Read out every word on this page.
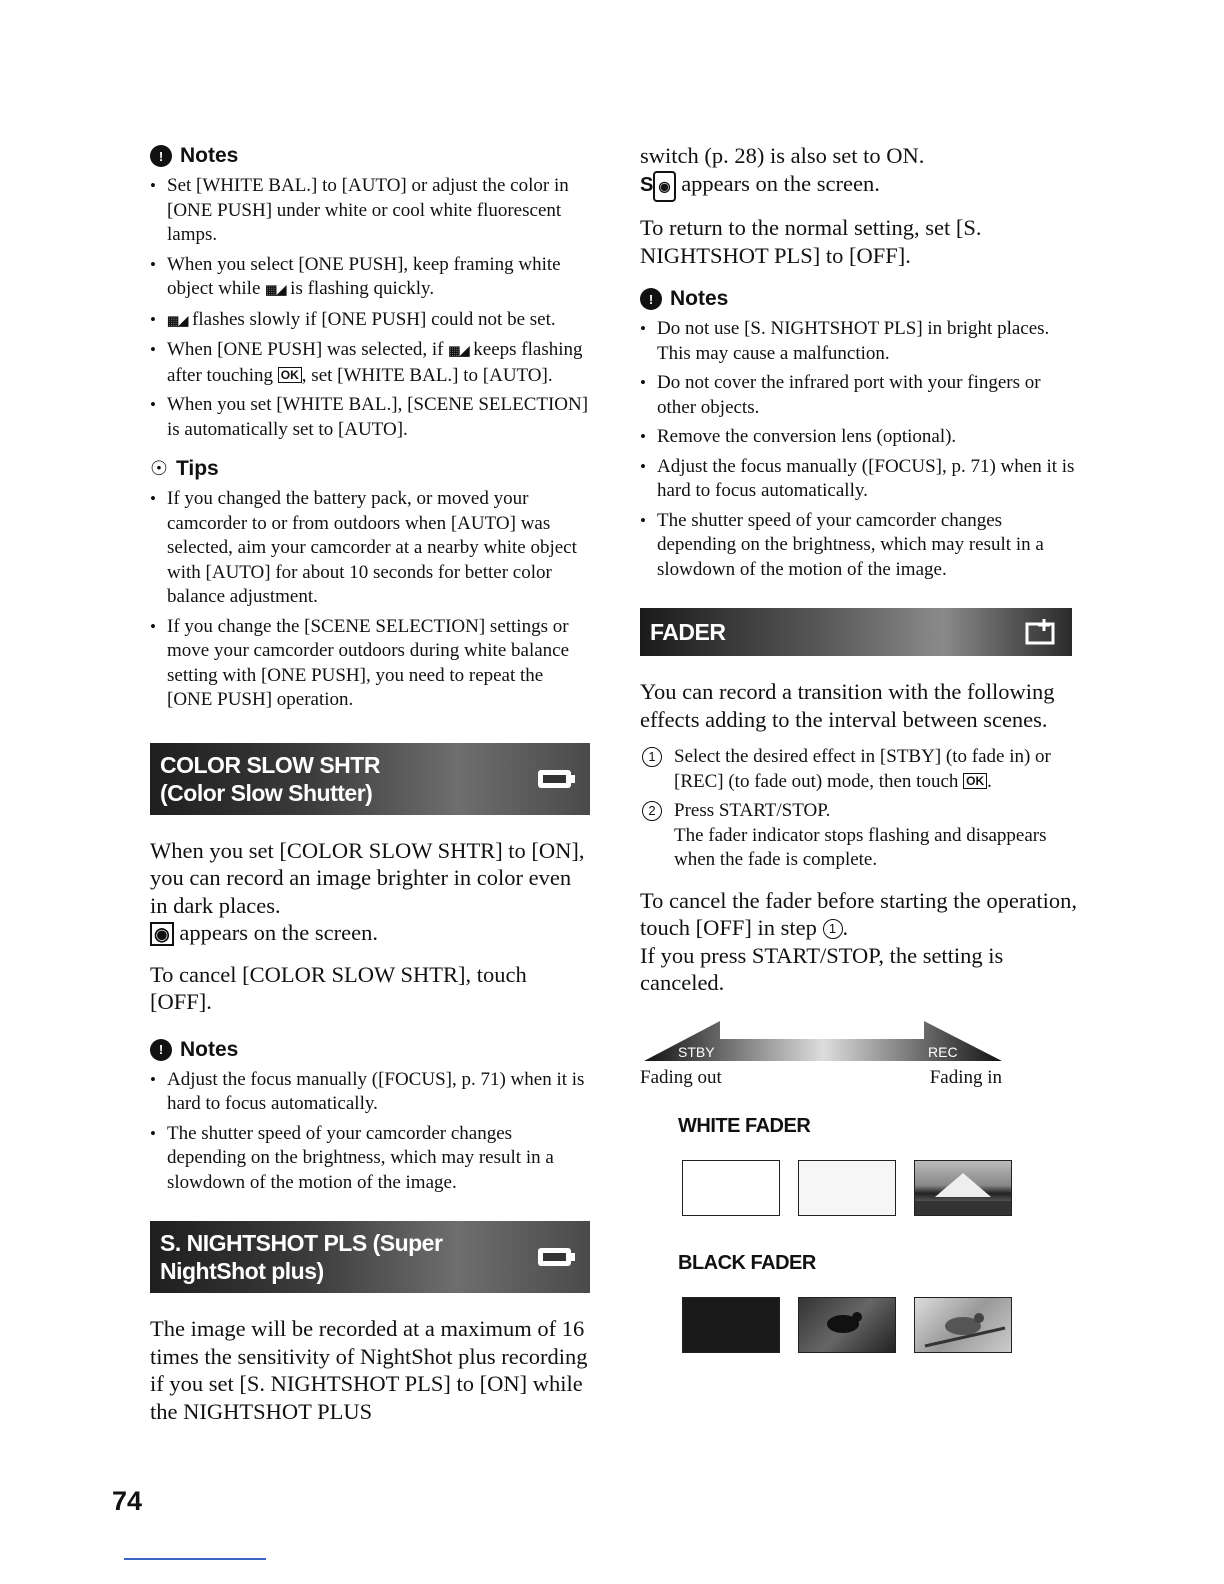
! Notes
• Set [WHITE BAL.] to [AUTO] or adjust the color in [ONE PUSH] under white or cool white fluorescent lamps.
• When you select [ONE PUSH], keep framing white object while ▦◢ is flashing quickly.
• ▦◢ flashes slowly if [ONE PUSH] could not be set.
• When [ONE PUSH] was selected, if ▦◢ keeps flashing after touching OK , set [WHITE BAL.] to [AUTO].
• When you set [WHITE BAL.], [SCENE SELECTION] is automatically set to [AUTO].
☉ Tips
• If you changed the battery pack, or moved your camcorder to or from outdoors when [AUTO] was selected, aim your camcorder at a nearby white object with [AUTO] for about 10 seconds for better color balance adjustment.
• If you change the [SCENE SELECTION] settings or move your camcorder outdoors during white balance setting with [ONE PUSH], you need to repeat the [ONE PUSH] operation.
COLOR SLOW SHTR
(Color Slow Shutter)

When you set [COLOR SLOW SHTR] to [ON], you can record an image brighter in color even in dark places.
◉ appears on the screen.

To cancel [COLOR SLOW SHTR], touch [OFF].

! Notes
• Adjust the focus manually ([FOCUS], p. 71) when it is hard to focus automatically.
• The shutter speed of your camcorder changes depending on the brightness, which may result in a slowdown of the motion of the image.
S. NIGHTSHOT PLS (Super
NightShot plus)

The image will be recorded at a maximum of 16 times the sensitivity of NightShot plus recording if you set [S. NIGHTSHOT PLS] to [ON] while the NIGHTSHOT PLUS

switch (p. 28) is also set to ON.

S ◉ appears on the screen.

To return to the normal setting, set [S. NIGHTSHOT PLS] to [OFF].

! Notes
• Do not use [S. NIGHTSHOT PLS] in bright places. This may cause a malfunction.
• Do not cover the infrared port with your fingers or other objects.
• Remove the conversion lens (optional).
• Adjust the focus manually ([FOCUS], p. 71) when it is hard to focus automatically.
• The shutter speed of your camcorder changes depending on the brightness, which may result in a slowdown of the motion of the image.
FADER

You can record a transition with the following effects adding to the interval between scenes.

1 Select the desired effect in [STBY] (to fade in) or [REC] (to fade out) mode, then touch OK .
2 Press START/STOP.
The fader indicator stops flashing and disappears when the fade is complete.

To cancel the fader before starting the operation, touch [OFF] in step 1 .

If you press START/STOP, the setting is canceled.

STBY	REC
Fading out	Fading in
WHITE FADER
BLACK FADER
74
